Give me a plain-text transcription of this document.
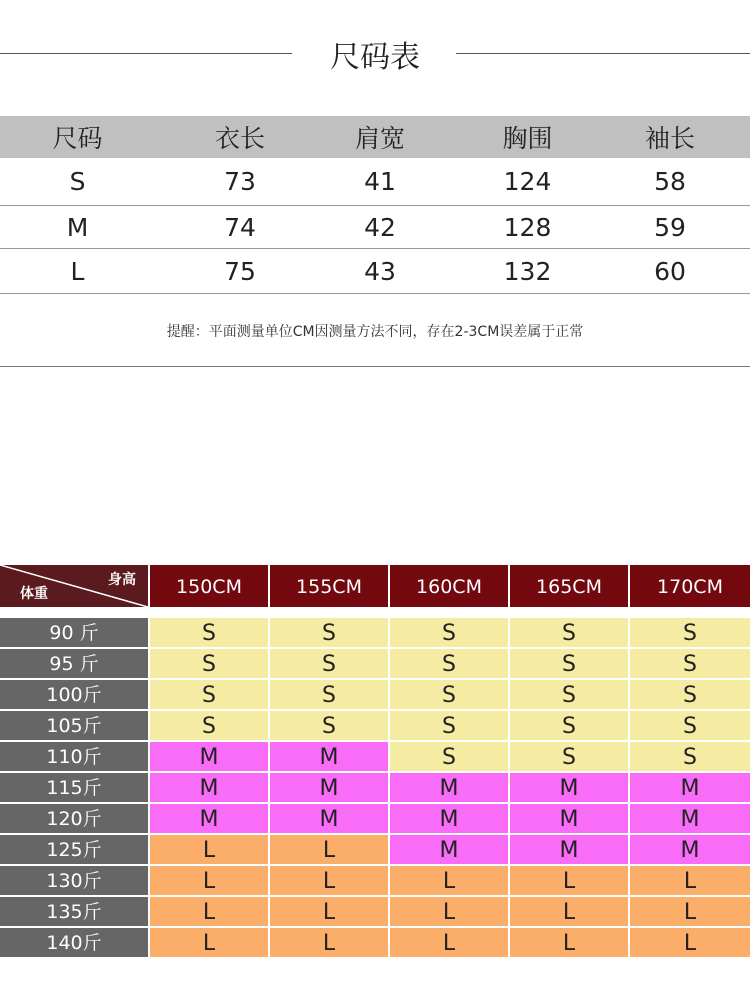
尺码表
尺码	衣长	肩宽	胸围	袖长
S	73	41	124	58
M	74	42	128	59
L	75	43	132	60
提醒：平面测量单位CM因测量方法不同，存在2-3CM误差属于正常
身高
体重	150CM	155CM	160CM	165CM	170CM
90 斤	S	S	S	S	S
95 斤	S	S	S	S	S
100斤	S	S	S	S	S
105斤	S	S	S	S	S
110斤	M	M	S	S	S
115斤	M	M	M	M	M
120斤	M	M	M	M	M
125斤	L	L	M	M	M
130斤	L	L	L	L	L
135斤	L	L	L	L	L
140斤	L	L	L	L	L
